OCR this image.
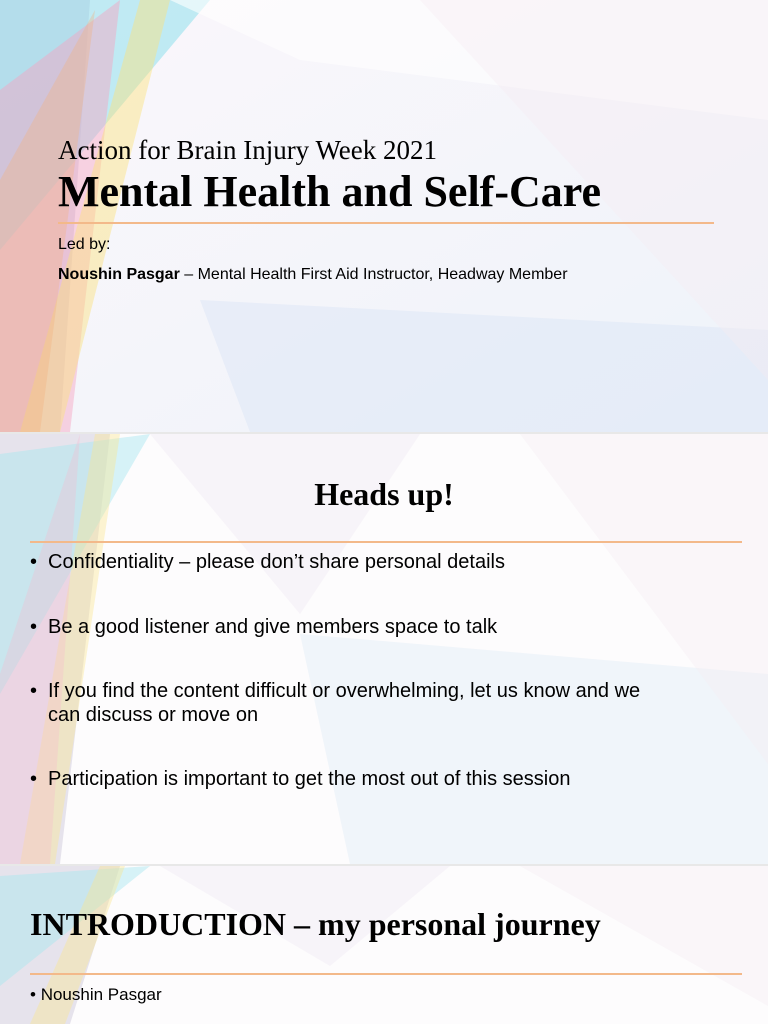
Action for Brain Injury Week 2021
Mental Health and Self-Care
Led by:
Noushin Pasgar – Mental Health First Aid Instructor, Headway Member
Heads up!
• Confidentiality – please don’t share personal details
• Be a good listener and give members space to talk
• If you find the content difficult or overwhelming, let us know and we
can discuss or move on
• Participation is important to get the most out of this session
INTRODUCTION – my personal journey
• Noushin Pasgar
